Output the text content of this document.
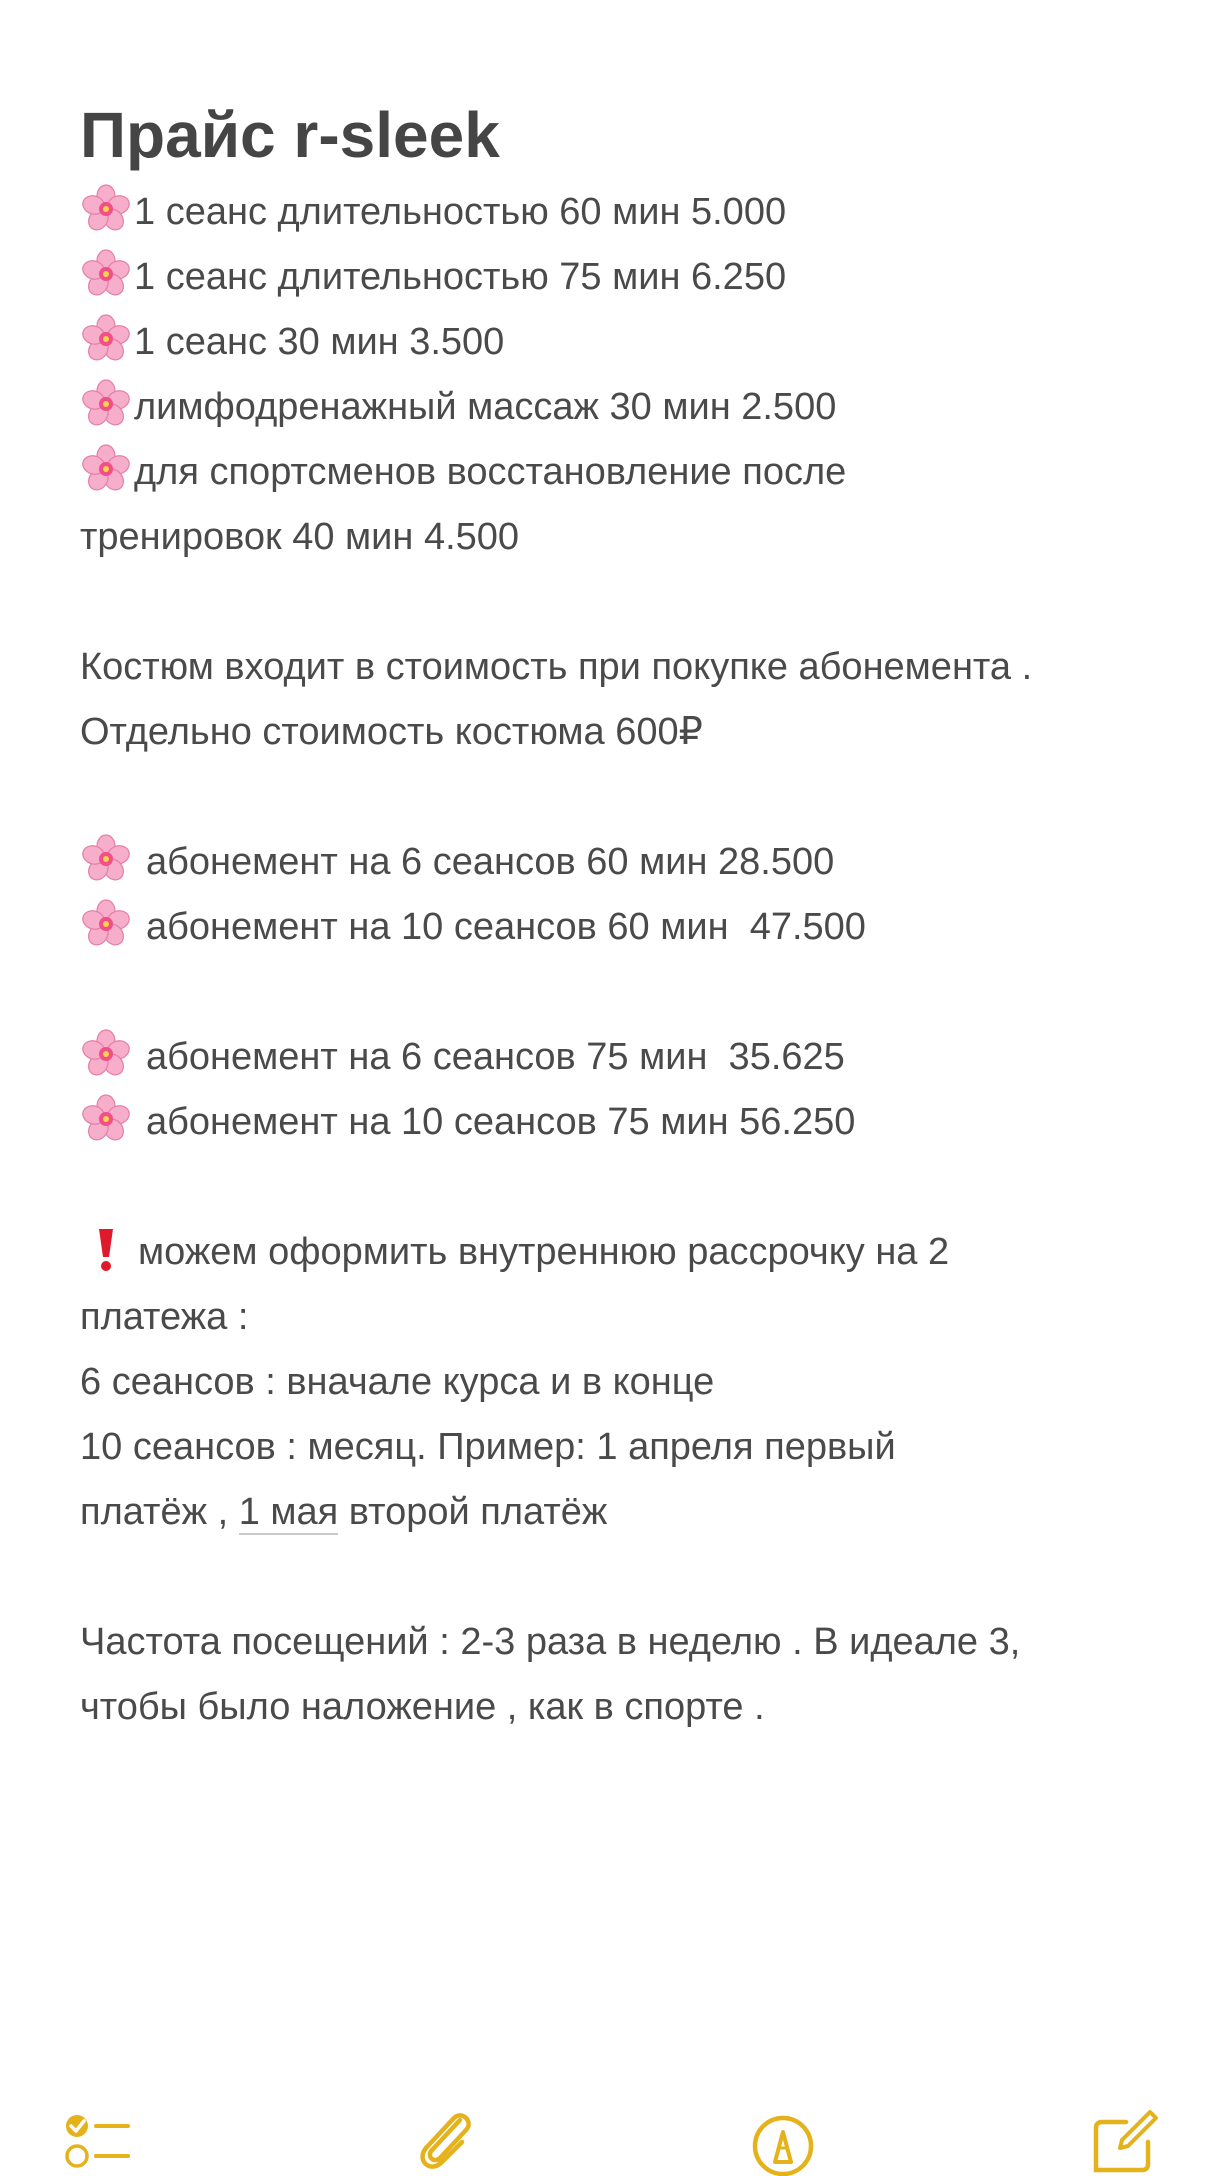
Прайс r-sleek
1 сеанс длительностью 60 мин 5.000
1 сеанс длительностью 75 мин 6.250
1 сеанс 30 мин 3.500
лимфодренажный массаж 30 мин 2.500
для спортсменов восстановление после
тренировок 40 мин 4.500
Костюм входит в стоимость при покупке абонемента .
Отдельно стоимость костюма 600₽
абонемент на 6 сеансов 60 мин 28.500
абонемент на 10 сеансов 60 мин  47.500
абонемент на 6 сеансов 75 мин  35.625
абонемент на 10 сеансов 75 мин 56.250
можем оформить внутреннюю рассрочку на 2
платежа :
6 сеансов : вначале курса и в конце
10 сеансов : месяц. Пример: 1 апреля первый
платёж , 1 мая второй платёж
Частота посещений : 2-3 раза в неделю . В идеале 3,
чтобы было наложение , как в спорте .
